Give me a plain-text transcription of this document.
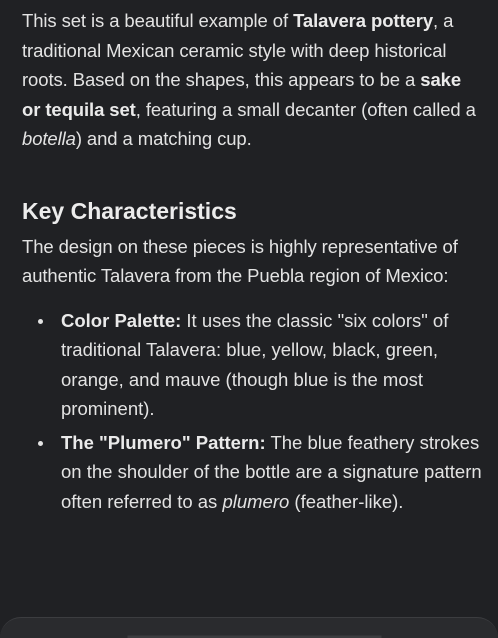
This set is a beautiful example of Talavera pottery, a traditional Mexican ceramic style with deep historical roots. Based on the shapes, this appears to be a sake or tequila set, featuring a small decanter (often called a botella) and a matching cup.

Key Characteristics

The design on these pieces is highly representative of authentic Talavera from the Puebla region of Mexico:

Color Palette: It uses the classic "six colors" of traditional Talavera: blue, yellow, black, green, orange, and mauve (though blue is the most prominent).
The "Plumero" Pattern: The blue feathery strokes on the shoulder of the bottle are a signature pattern often referred to as plumero (feather-like).
